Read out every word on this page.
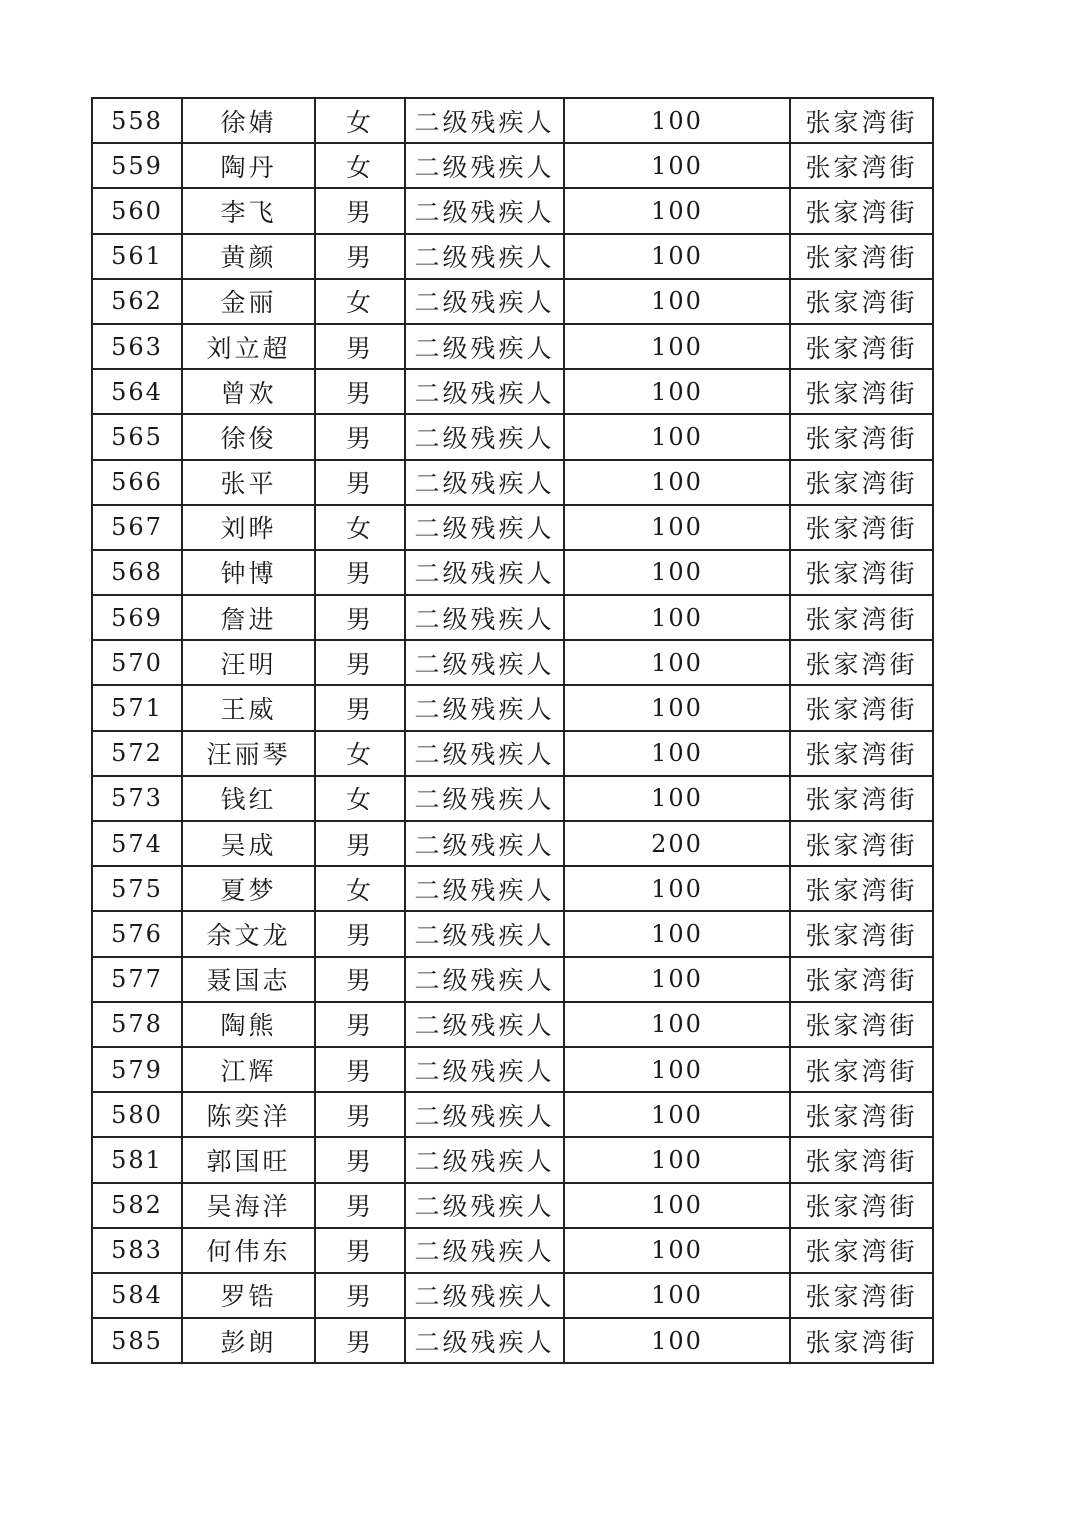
558	徐婧	女	二级残疾人	100	张家湾街
559	陶丹	女	二级残疾人	100	张家湾街
560	李飞	男	二级残疾人	100	张家湾街
561	黄颜	男	二级残疾人	100	张家湾街
562	金丽	女	二级残疾人	100	张家湾街
563	刘立超	男	二级残疾人	100	张家湾街
564	曾欢	男	二级残疾人	100	张家湾街
565	徐俊	男	二级残疾人	100	张家湾街
566	张平	男	二级残疾人	100	张家湾街
567	刘晔	女	二级残疾人	100	张家湾街
568	钟博	男	二级残疾人	100	张家湾街
569	詹进	男	二级残疾人	100	张家湾街
570	汪明	男	二级残疾人	100	张家湾街
571	王威	男	二级残疾人	100	张家湾街
572	汪丽琴	女	二级残疾人	100	张家湾街
573	钱红	女	二级残疾人	100	张家湾街
574	吴成	男	二级残疾人	200	张家湾街
575	夏梦	女	二级残疾人	100	张家湾街
576	余文龙	男	二级残疾人	100	张家湾街
577	聂国志	男	二级残疾人	100	张家湾街
578	陶熊	男	二级残疾人	100	张家湾街
579	江辉	男	二级残疾人	100	张家湾街
580	陈奕洋	男	二级残疾人	100	张家湾街
581	郭国旺	男	二级残疾人	100	张家湾街
582	吴海洋	男	二级残疾人	100	张家湾街
583	何伟东	男	二级残疾人	100	张家湾街
584	罗锆	男	二级残疾人	100	张家湾街
585	彭朗	男	二级残疾人	100	张家湾街
